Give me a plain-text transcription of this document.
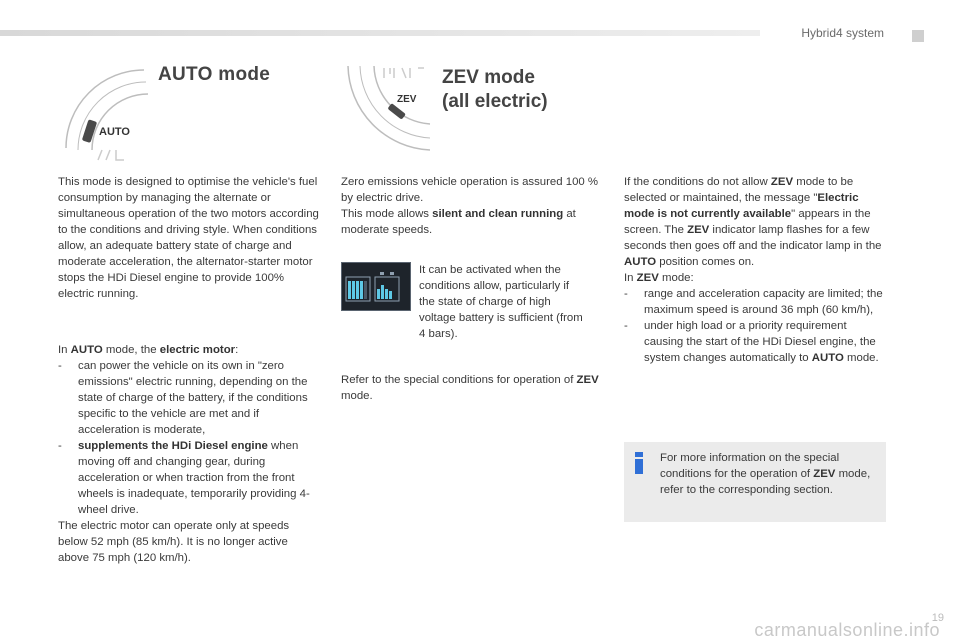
Hybrid4 system
AUTO
AUTO mode
ZEV
ZEV mode
(all electric)

This mode is designed to optimise the vehicle's fuel consumption by managing the alternate or simultaneous operation of the two motors according to the conditions and driving style. When conditions allow, an adequate battery state of charge and moderate acceleration, the alternator-starter motor stops the HDi Diesel engine to provide 100% electric running.

In AUTO mode, the electric motor:

- can power the vehicle on its own in "zero emissions" electric running, depending on the state of charge of the battery, if the conditions specific to the vehicle are met and if acceleration is moderate,

- supplements the HDi Diesel engine when moving off and changing gear, during acceleration or when traction from the front wheels is inadequate, temporarily providing 4-wheel drive.

The electric motor can operate only at speeds below 52 mph (85 km/h). It is no longer active above 75 mph (120 km/h).

Zero emissions vehicle operation is assured 100 % by electric drive.

This mode allows silent and clean running at moderate speeds.

It can be activated when the conditions allow, particularly if the state of charge of high voltage battery is sufficient (from 4 bars).

Refer to the special conditions for operation of ZEV mode.

If the conditions do not allow ZEV mode to be selected or maintained, the message "Electric mode is not currently available" appears in the screen. The ZEV indicator lamp flashes for a few seconds then goes off and the indicator lamp in the AUTO position comes on.

In ZEV mode:

- range and acceleration capacity are limited; the maximum speed is around 36 mph (60 km/h),

- under high load or a priority requirement causing the start of the HDi Diesel engine, the system changes automatically to AUTO mode.

For more information on the special conditions for the operation of ZEV mode, refer to the corresponding section.

19
carmanualsonline.info
